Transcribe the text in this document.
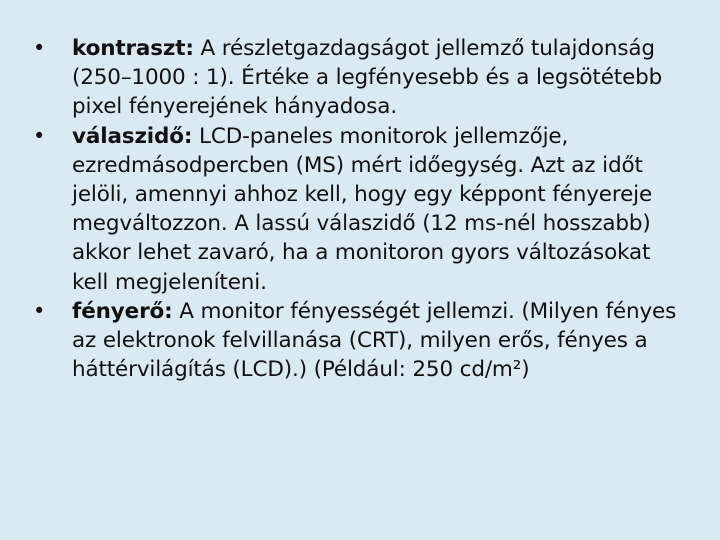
•	kontraszt: A részletgazdagságot jellemző tulajdonság (250–1000 : 1). Értéke a legfényesebb és a legsötétebb pixel fényerejének hányadosa.
•	válaszidő: LCD-paneles monitorok jellemzője, ezredmásodpercben (MS) mért időegység. Azt az időt jelöli, amennyi ahhoz kell, hogy egy képpont fényereje megváltozzon. A lassú válaszidő (12 ms-nél hosszabb) akkor lehet zavaró, ha a monitoron gyors változásokat kell megjeleníteni.
•	fényerő: A monitor fényességét jellemzi. (Milyen fényes az elektronok felvillanása (CRT), milyen erős, fényes a háttérvilágítás (LCD).) (Például: 250 cd/m²)
